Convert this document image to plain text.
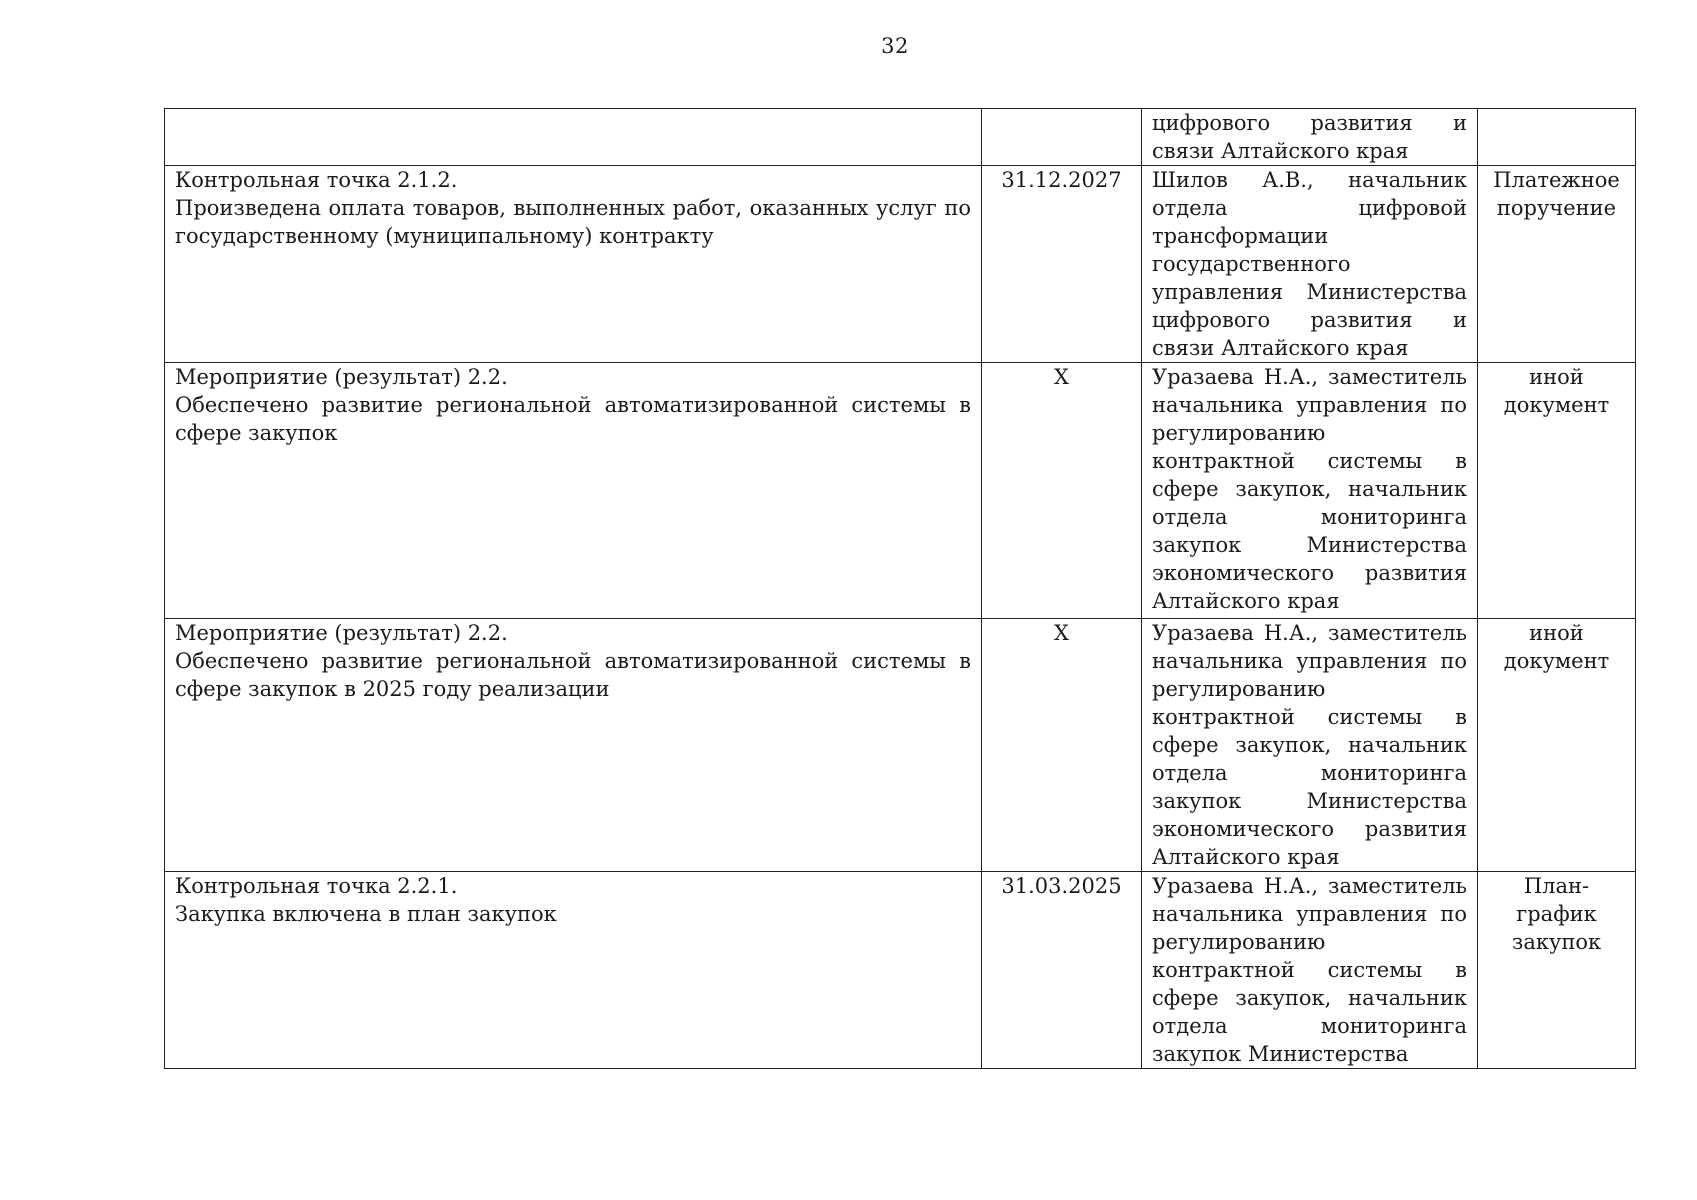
32
		цифрового развития и связи Алтайского края	

Контрольная точка 2.1.2.
Произведена оплата товаров, выполненных работ, оказанных услуг по государственному (муниципальному) контракту	31.12.2027	Шилов А.В., начальник отдела цифровой трансформации государственного управления Министерства цифрового развития и связи Алтайского края	Платежное поручение

Мероприятие (результат) 2.2.
Обеспечено развитие региональной автоматизированной системы в сфере закупок	X	Уразаева Н.А., заместитель начальника управления по регулированию контрактной системы в сфере закупок, начальник отдела мониторинга закупок Министерства экономического развития Алтайского края	иной документ

Мероприятие (результат) 2.2.
Обеспечено развитие региональной автоматизированной системы в сфере закупок в 2025 году реализации	X	Уразаева Н.А., заместитель начальника управления по регулированию контрактной системы в сфере закупок, начальник отдела мониторинга закупок Министерства экономического развития Алтайского края	иной документ

Контрольная точка 2.2.1.
Закупка включена в план закупок	31.03.2025	Уразаева Н.А., заместитель начальника управления по регулированию контрактной системы в сфере закупок, начальник отдела мониторинга закупок Министерства	План-график закупок
